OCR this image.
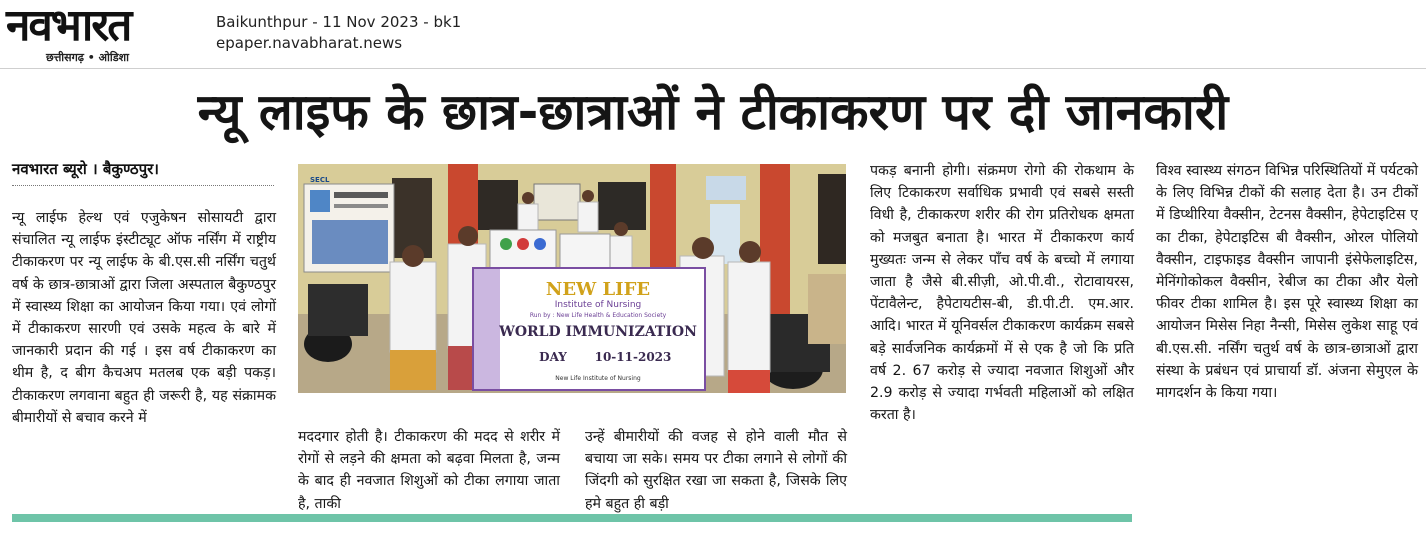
नवभारत
छत्तीसगढ़ • ओडिशा
Baikunthpur - 11 Nov 2023 - bk1
epaper.navabharat.news
न्यू लाइफ के छात्र-छात्राओं ने टीकाकरण पर दी जानकारी
नवभारत ब्यूरो । बैकुण्ठपुर।
न्यू लाईफ हेल्थ एवं एजुकेषन सोसायटी द्वारा संचालित न्यू लाईफ इंस्टीट्यूट ऑफ नर्सिंग में राष्ट्रीय टीकाकरण पर न्यू लाईफ के बी.एस.सी नर्सिंग चतुर्थ वर्ष के छात्र-छात्राओं द्वारा जिला अस्पताल बैकुण्ठपुर में स्वास्थ्य शिक्षा का आयोजन किया गया। एवं लोगों में टीकाकरण सारणी एवं उसके महत्व के बारे में जानकारी प्रदान की गई । इस वर्ष टीकाकरण का थीम है, द बीग कैचअप मतलब एक बड़ी पकड़। टीकाकरण लगवाना बहुत ही जरूरी है, यह संक्रामक बीमारीयों से बचाव करने में
NEW LIFE
Institute of Nursing
Run by : New Life Health & Education Society
WORLD IMMUNIZATION
DAY 10-11-2023
New Life Institute of Nursing
SECL
मददगार होती है। टीकाकरण की मदद से शरीर में रोगों से लड़ने की क्षमता को बढ़वा मिलता है, जन्म के बाद ही नवजात शिशुओं को टीका लगाया जाता है, ताकी
उन्हें बीमारीयों की वजह से होने वाली मौत से बचाया जा सके। समय पर टीका लगाने से लोगों की जिंदगी को सुरक्षित रखा जा सकता है, जिसके लिए हमे बहुत ही बड़ी
पकड़ बनानी होगी। संक्रमण रोगो की रोकथाम के लिए टिकाकरण सर्वाधिक प्रभावी एवं सबसे सस्ती विधी है, टीकाकरण शरीर की रोग प्रतिरोधक क्षमता को मजबुत बनाता है। भारत में टीकाकरण कार्य मुख्यतः जन्म से लेकर पाँच वर्ष के बच्चो में लगाया जाता है जैसे बी.सीज़ी, ओ.पी.वी., रोटावायरस, पेंटावैलेन्ट, हैपेटायटीस-बी, डी.पी.टी. एम.आर. आदि। भारत में यूनिवर्सल टीकाकरण कार्यक्रम सबसे बड़े सार्वजनिक कार्यक्रमों में से एक है जो कि प्रति वर्ष 2. 67 करोड़ से ज्यादा नवजात शिशुओं और 2.9 करोड़ से ज्यादा गर्भवती महिलाओं को लक्षित करता है।
विश्व स्वास्थ्य संगठन विभिन्न परिस्थितियों में पर्यटको के लिए विभिन्न टीकों की सलाह देता है। उन टीकों में डिप्थीरिया वैक्सीन, टेटनस वैक्सीन, हेपेटाइटिस ए का टीका, हेपेटाइटिस बी वैक्सीन, ओरल पोलियो वैक्सीन, टाइफाइड वैक्सीन जापानी इंसेफेलाइटिस, मेनिंगोकोकल वैक्सीन, रेबीज का टीका और येलो फीवर टीका शामिल है। इस पूरे स्वास्थ्य शिक्षा का आयोजन मिसेस निहा नैन्सी, मिसेस लुकेश साहू एवं बी.एस.सी. नर्सिंग चतुर्थ वर्ष के छात्र-छात्राओं द्वारा संस्था के प्रबंधन एवं प्राचार्या डॉ. अंजना सेमुएल के मागदर्शन के किया गया।
